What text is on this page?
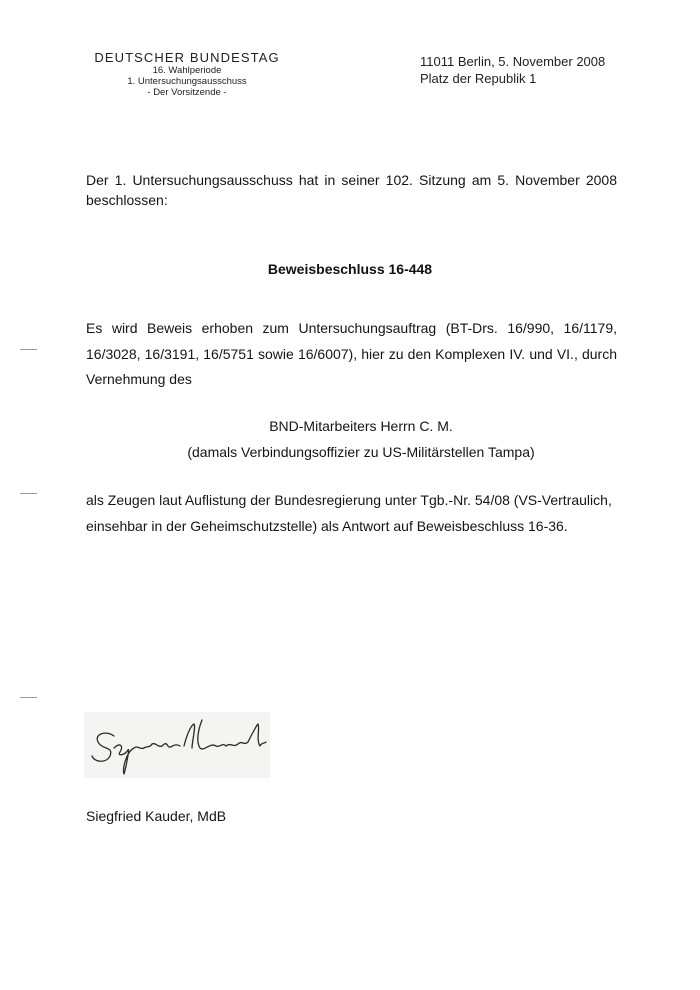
DEUTSCHER BUNDESTAG
16. Wahlperiode
1. Untersuchungsausschuss
- Der Vorsitzende -
11011 Berlin, 5. November 2008
Platz der Republik 1
Der 1. Untersuchungsausschuss hat in seiner 102. Sitzung am 5. November 2008 beschlossen:
Beweisbeschluss 16-448
Es wird Beweis erhoben zum Untersuchungsauftrag (BT-Drs. 16/990, 16/1179, 16/3028, 16/3191, 16/5751 sowie 16/6007), hier zu den Komplexen IV. und VI., durch Vernehmung des
BND-Mitarbeiters Herrn C. M.
(damals Verbindungsoffizier zu US-Militärstellen Tampa)
als Zeugen laut Auflistung der Bundesregierung unter Tgb.-Nr. 54/08 (VS-Vertraulich, einsehbar in der Geheimschutzstelle) als Antwort auf Beweisbeschluss 16-36.
Siegfried Kauder, MdB
